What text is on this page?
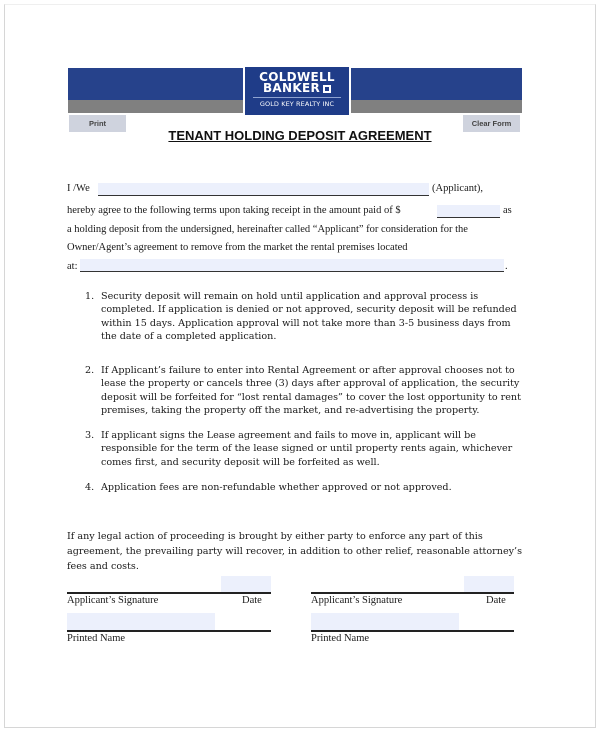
COLDWELL
BANKER
GOLD KEY REALTY INC
Print	Clear Form
TENANT HOLDING DEPOSIT AGREEMENT
I /We	(Applicant),
hereby agree to the following terms upon taking receipt in the amount paid of $	as
a holding deposit from the undersigned, hereinafter called “Applicant” for consideration for the
Owner/Agent’s agreement to remove from the market the rental premises located
at:	.
1. Security deposit will remain on hold until application and approval process is completed. If application is denied or not approved, security deposit will be refunded within 15 days. Application approval will not take more than 3-5 business days from the date of a completed application.
2. If Applicant’s failure to enter into Rental Agreement or after approval chooses not to lease the property or cancels three (3) days after approval of application, the security deposit will be forfeited for “lost rental damages” to cover the lost opportunity to rent premises, taking the property off the market, and re-advertising the property.
3. If applicant signs the Lease agreement and fails to move in, applicant will be responsible for the term of the lease signed or until property rents again, whichever comes first, and security deposit will be forfeited as well.
4. Application fees are non-refundable whether approved or not approved.
If any legal action of proceeding is brought by either party to enforce any part of this agreement, the prevailing party will recover, in addition to other relief, reasonable attorney’s fees and costs.
Applicant’s Signature	Date
Printed Name
Applicant’s Signature	Date
Printed Name
